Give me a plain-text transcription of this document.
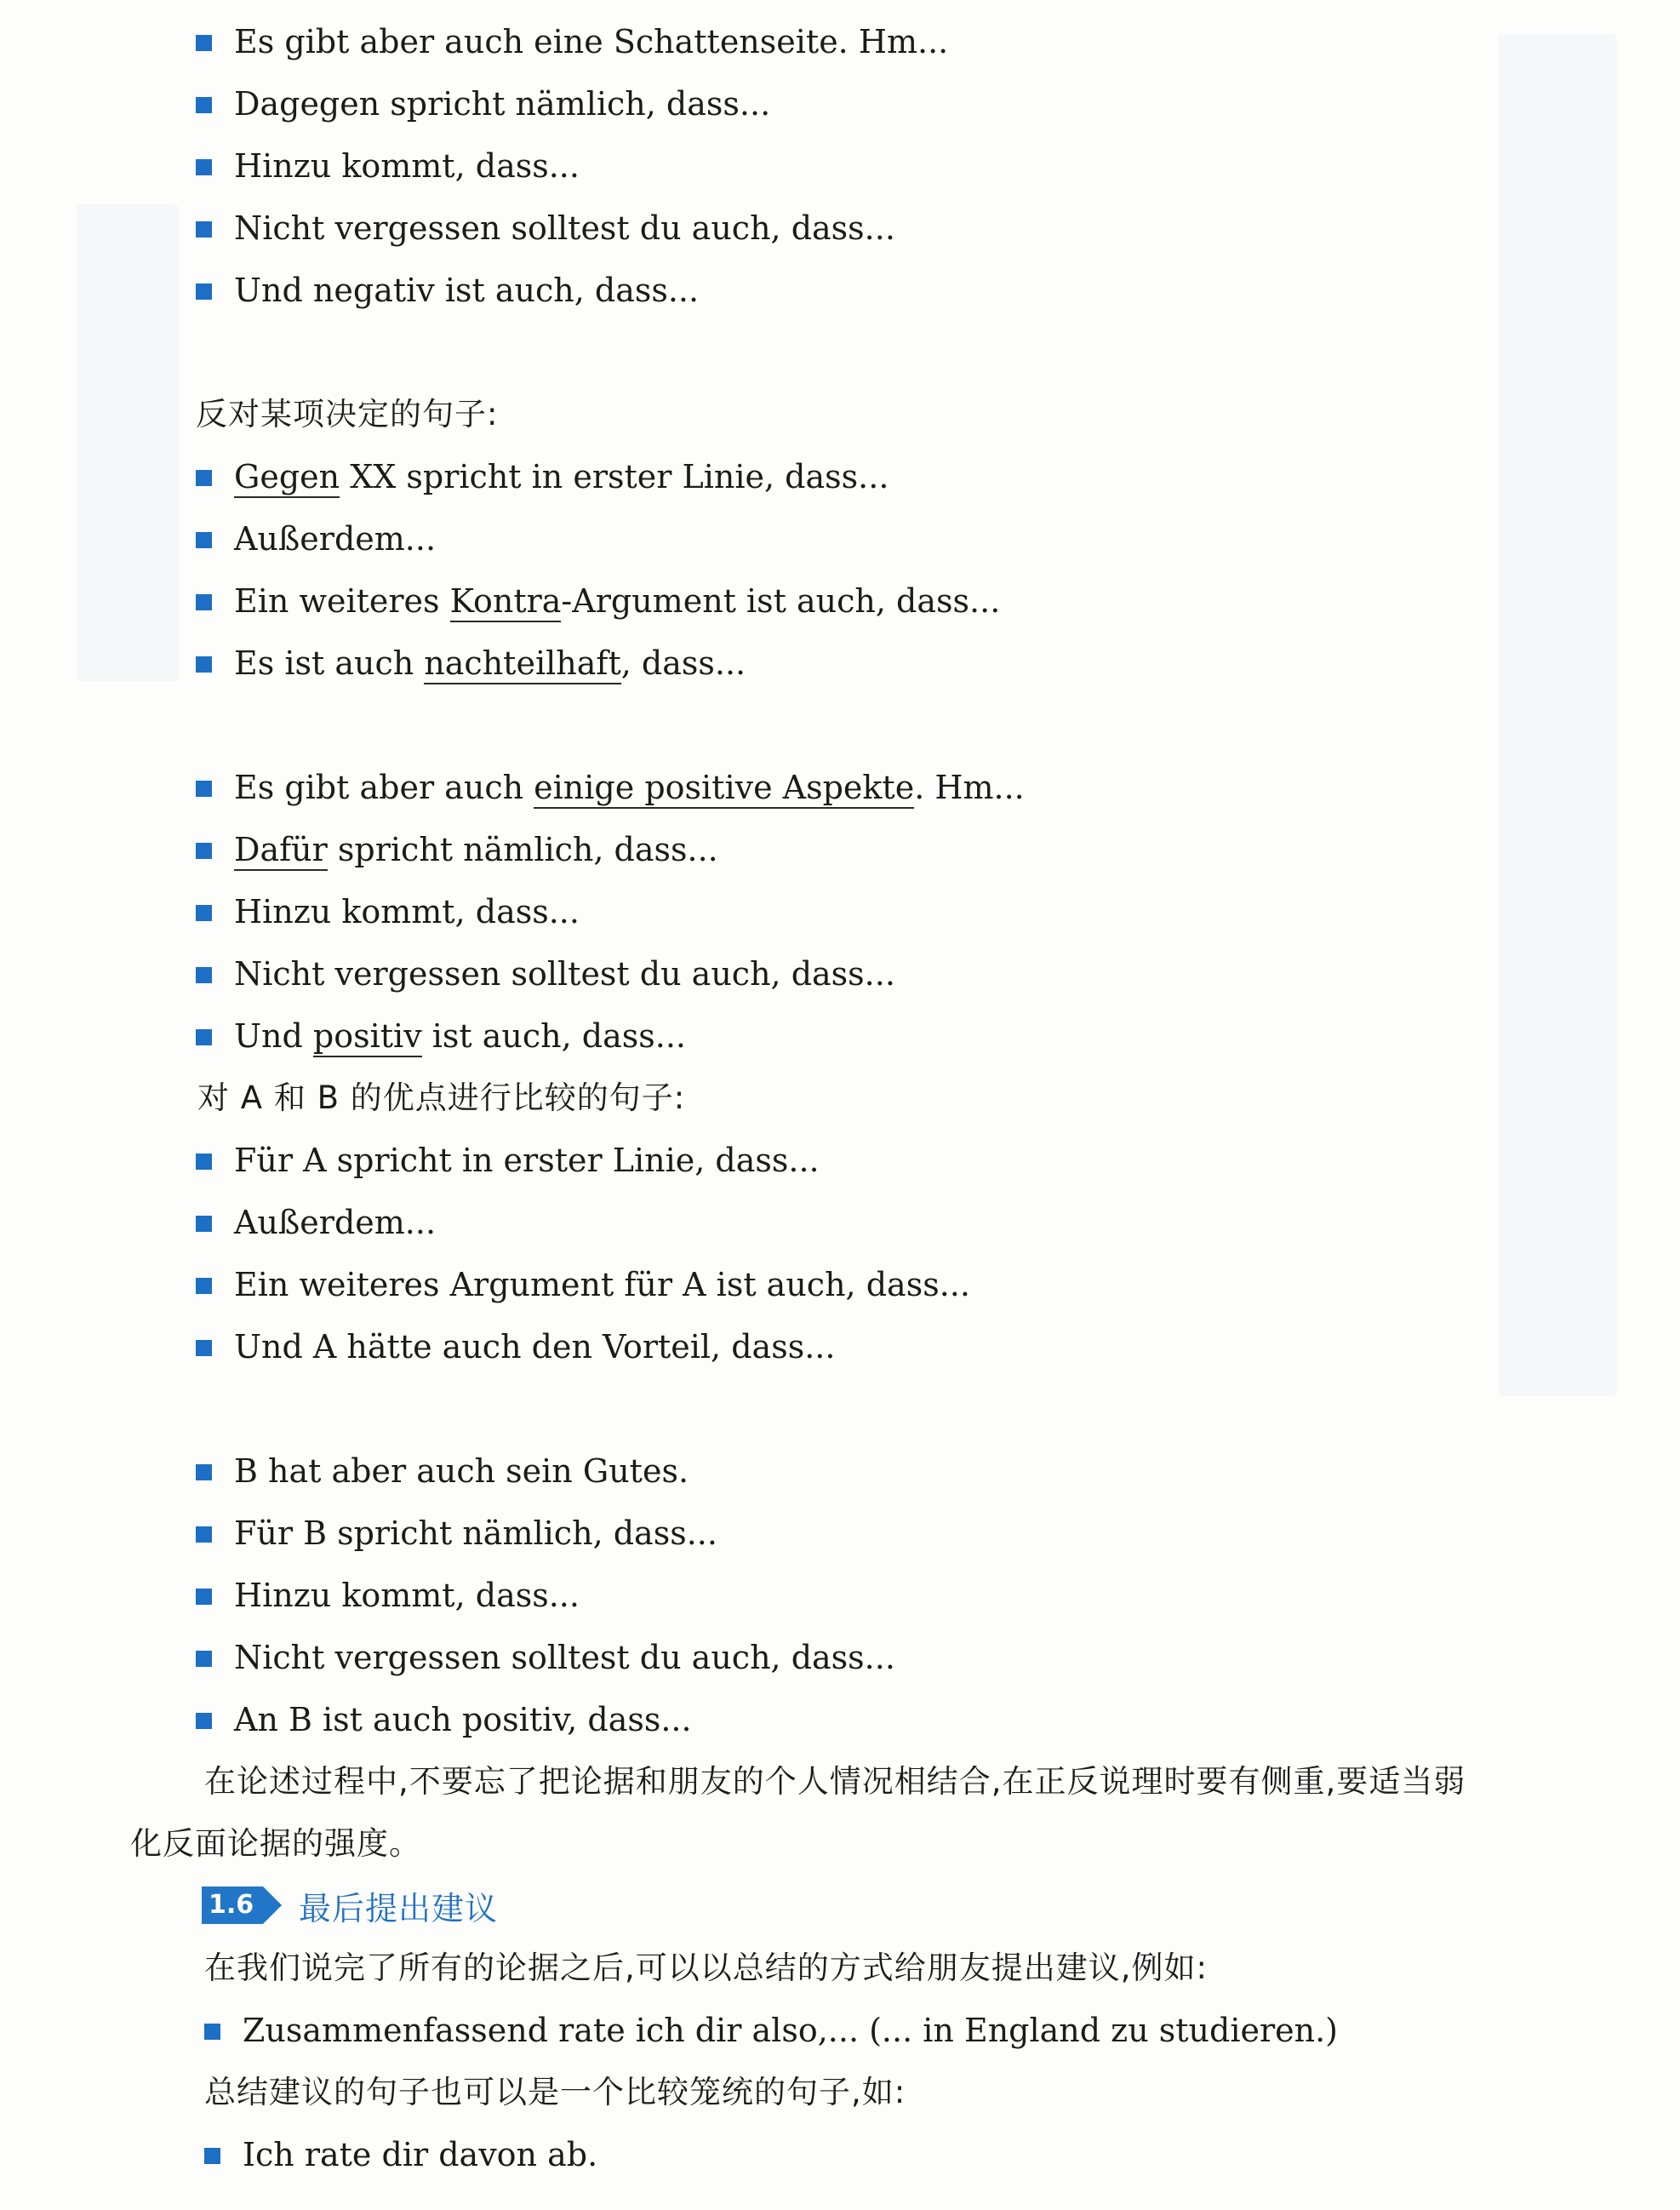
Es gibt aber auch eine Schattenseite. Hm...
Dagegen spricht nämlich, dass...
Hinzu kommt, dass...
Nicht vergessen solltest du auch, dass...
Und negativ ist auch, dass...
反对某项决定的句子:
Gegen XX spricht in erster Linie, dass...
Außerdem...
Ein weiteres Kontra-Argument ist auch, dass...
Es ist auch nachteilhaft, dass...
Es gibt aber auch einige positive Aspekte. Hm...
Dafür spricht nämlich, dass...
Hinzu kommt, dass...
Nicht vergessen solltest du auch, dass...
Und positiv ist auch, dass...
对 A 和 B 的优点进行比较的句子:
Für A spricht in erster Linie, dass...
Außerdem...
Ein weiteres Argument für A ist auch, dass...
Und A hätte auch den Vorteil, dass...
B hat aber auch sein Gutes.
Für B spricht nämlich, dass...
Hinzu kommt, dass...
Nicht vergessen solltest du auch, dass...
An B ist auch positiv, dass...
在论述过程中,不要忘了把论据和朋友的个人情况相结合,在正反说理时要有侧重,要适当弱
化反面论据的强度。
在我们说完了所有的论据之后,可以以总结的方式给朋友提出建议,例如:
Zusammenfassend rate ich dir also,... (... in England zu studieren.)
总结建议的句子也可以是一个比较笼统的句子,如:
Ich rate dir davon ab.
1.6 最后提出建议
